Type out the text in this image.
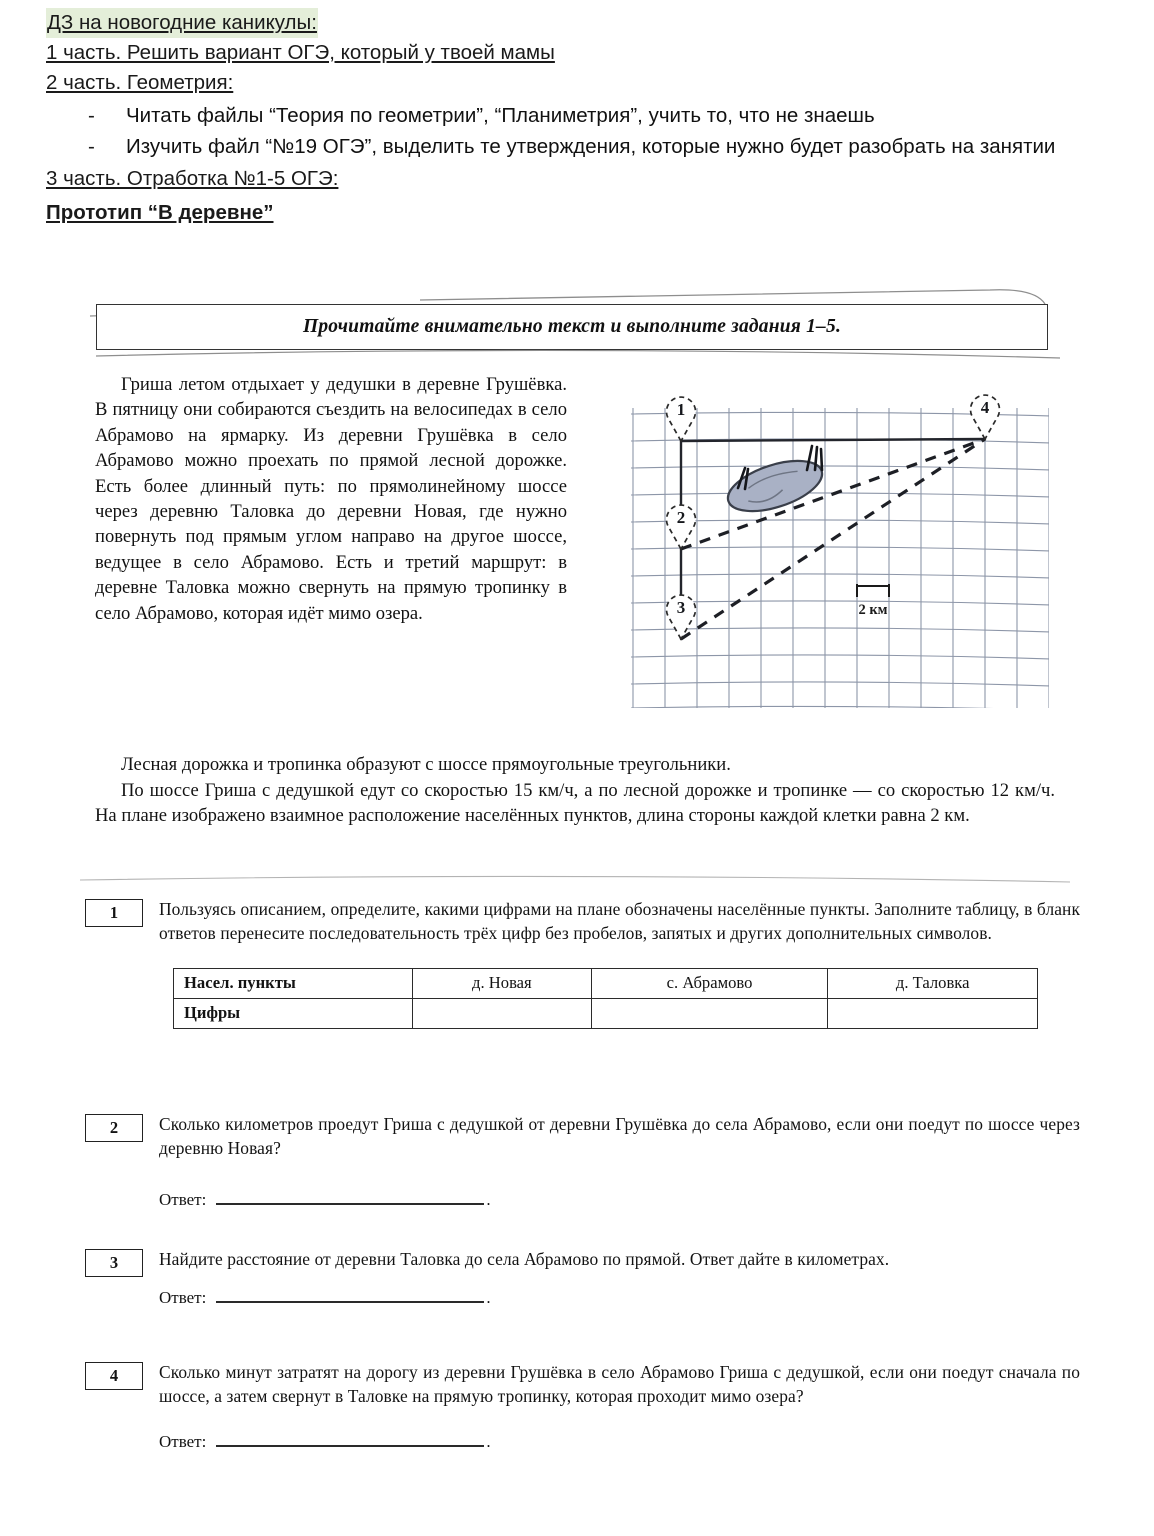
ДЗ на новогодние каникулы:
1 часть. Решить вариант ОГЭ, который у твоей мамы
2 часть. Геометрия:
-	Читать файлы “Теория по геометрии”, “Планиметрия”, учить то, что не знаешь
-	Изучить файл “№19 ОГЭ”, выделить те утверждения, которые нужно будет разобрать на занятии
3 часть. Отработка №1-5 ОГЭ:
Прототип “В деревне”
Прочитайте внимательно текст и выполните задания 1–5.
Гриша летом отдыхает у дедушки в деревне Грушёвка. В пятницу они собираются съездить на велосипедах в село Абрамово на ярмарку. Из деревни Грушёвка в село Абрамово можно проехать по прямой лесной дорожке. Есть более длинный путь: по прямолинейному шоссе через деревню Таловка до деревни Новая, где нужно повернуть под прямым углом направо на другое шоссе, ведущее в село Абрамово. Есть и третий маршрут: в деревне Таловка можно свернуть на прямую тропинку в село Абрамово, которая идёт мимо озера.	2 км
1
2
3
4

Лесная дорожка и тропинка образуют с шоссе прямоугольные треугольники.

По шоссе Гриша с дедушкой едут со скоростью 15 км/ч, а по лесной дорожке и тропинке — со скоростью 12 км/ч. На плане изображено взаимное расположение населённых пунктов, длина стороны каждой клетки равна 2 км.

1	Пользуясь описанием, определите, какими цифрами на плане обозначены населённые пункты. Заполните таблицу, в бланк ответов перенесите последовательность трёх цифр без пробелов, запятых и других дополнительных символов.
Насел. пункты	д. Новая	с. Абрамово	д. Таловка
Цифры			
2	Сколько километров проедут Гриша с дедушкой от деревни Грушёвка до села Абрамово, если они поедут по шоссе через деревню Новая?
Ответ:	.
3	Найдите расстояние от деревни Таловка до села Абрамово по прямой. Ответ дайте в километрах.
Ответ:	.
4	Сколько минут затратят на дорогу из деревни Грушёвка в село Абрамово Гриша с дедушкой, если они поедут сначала по шоссе, а затем свернут в Таловке на прямую тропинку, которая проходит мимо озера?
Ответ:	.
